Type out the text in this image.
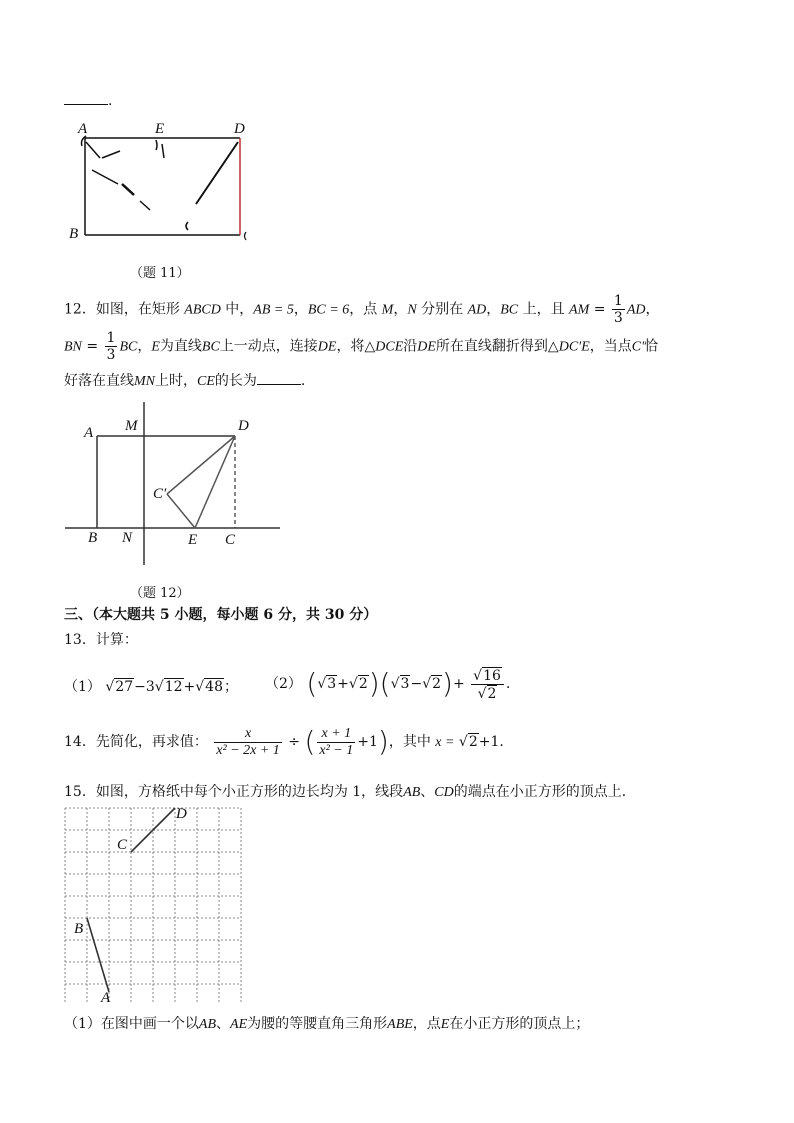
.
A	E	D
B
（题 11）
12．如图，在矩形 ABCD 中，AB = 5，BC = 6，点 M，N 分别在 AD，BC 上，且 AM = $\frac{1}{3}$ AD，
BN = $\frac{1}{3}$ BC，E为直线BC上一动点，连接DE，将△DCE沿DE所在直线翻折得到△DC′E，当点C′恰
好落在直线MN上时，CE的长为	.
A M	D
C′
B N	E C
（题 12）
三、（本大题共 5 小题，每小题 6 分，共 30 分）
13．计算：
（1） √27−3√12+√48； （2） $(√3+√2)(√3-√2)+ \frac{√16}{√2}$ .
14．先简化，再求值： $\frac{x}{\text{x² − 2x + 1}}$ ÷ ( $\frac{x + 1}{\text{x² − 1}} +1$)，其中 x = √2+1.
15．如图，方格纸中每个小正方形的边长均为 1，线段AB、CD的端点在小正方形的顶点上．
D
C
B
A
（1）在图中画一个以AB、AE为腰的等腰直角三角形ABE，点E在小正方形的顶点上；
